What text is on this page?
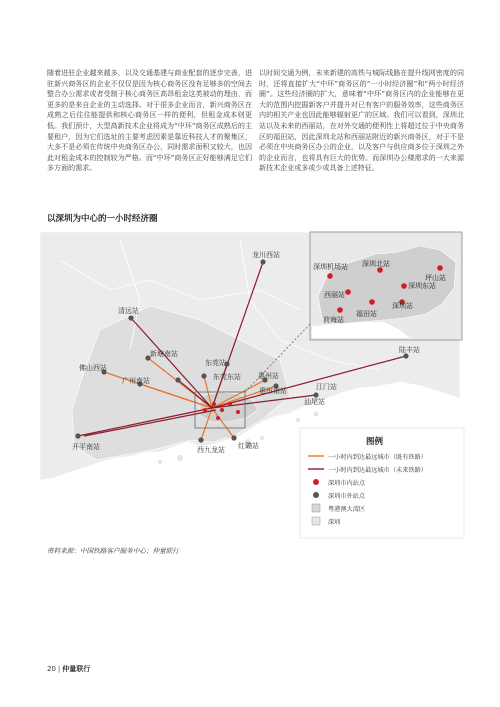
随着进驻企业越来越多，以及交通基建与商业配套的逐步完善，进驻新兴商务区的企业不仅仅是因为核心商务区没有足够多的空间去整合办公需求或者受制于核心商务区高昂租金这类被动的理由，而更多的是来自企业的主动选择。对于很多企业而言，新兴商务区在成熟之后往往能提供和核心商务区一样的便利，但租金成本则更低。我们预计，大型高新技术企业将成为“中环”商务区成熟后的主要租户，因为它们选址的主要考虑因素是靠近科技人才的聚集区，大多不是必须在传统中央商务区办公，同时需求面积又较大，也因此对租金成本的控制较为严格。而“中环”商务区正好能够满足它们多方面的需求。

以时间交通为例，未来新建的高铁与城际线路在提升线网密度的同时，还将直接扩大“中环”商务区的“一小时经济圈”和“两小时经济圈”。这些经济圈的扩大，意味着“中环”商务区内的企业能够在更大的范围内挖掘新客户并提升对已有客户的服务效率，这些商务区内的相关产业也因此能够辐射更广的区域。我们可以看到，深圳北站以及未来的西丽站，在对外交通的便利性上将超过位于中央商务区的福田站，因此深圳北站和西丽站附近的新兴商务区，对于不是必须在中央商务区办公的企业，以及客户与供应商多位于深圳之外的企业而言，也将具有巨大的优势。而深圳办公楼需求的一大来源新技术企业或多或少或具备上述特征。

以深圳为中心的一小时经济圈
龙川西站
清远站
新塘南站
东莞站
佛山西站
广州南站	东莞东站 惠州站
惠州南站
陆丰站
汕尾站
开平南站
江门站
西九龙站 红磡站
深圳机场站 深圳北站
坪山站
西丽站
深圳东站
前海站
福田站
深圳站
图例
一小时内到达最远城市（既有铁路）
一小时内到达最远城市（未来铁路）
深圳市内站点
深圳市外站点
粤港澳大湾区
深圳
资料来源：中国铁路客户服务中心；仲量联行
20 | 仲量联行
